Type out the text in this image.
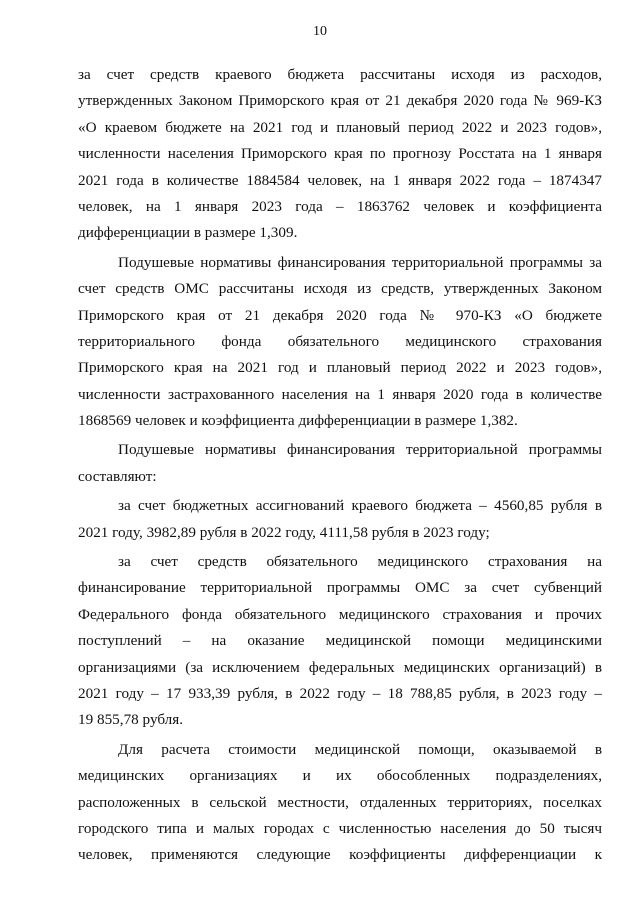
10
за счет средств краевого бюджета рассчитаны исходя из расходов,
утвержденных Законом Приморского края от 21 декабря 2020 года № 969-КЗ
«О краевом бюджете на 2021 год и плановый период 2022 и 2023 годов»,
численности населения Приморского края по прогнозу Росстата на 1 января
2021 года в количестве 1884584 человек, на 1 января 2022 года – 1874347
человек, на 1 января 2023 года – 1863762 человек и коэффициента
дифференциации в размере 1,309.
Подушевые нормативы финансирования территориальной программы за
счет средств ОМС рассчитаны исходя из средств, утвержденных Законом
Приморского края от 21 декабря 2020 года № 970-КЗ «О бюджете
территориального фонда обязательного медицинского страхования
Приморского края на 2021 год и плановый период 2022 и 2023 годов»,
численности застрахованного населения на 1 января 2020 года в количестве
1868569 человек и коэффициента дифференциации в размере 1,382.
Подушевые нормативы финансирования территориальной программы
составляют:
за счет бюджетных ассигнований краевого бюджета – 4560,85 рубля в
2021 году, 3982,89 рубля в 2022 году, 4111,58 рубля в 2023 году;
за счет средств обязательного медицинского страхования на
финансирование территориальной программы ОМС за счет субвенций
Федерального фонда обязательного медицинского страхования и прочих
поступлений – на оказание медицинской помощи медицинскими
организациями (за исключением федеральных медицинских организаций) в
2021 году – 17 933,39 рубля, в 2022 году – 18 788,85 рубля, в 2023 году –
19 855,78 рубля.
Для расчета стоимости медицинской помощи, оказываемой в
медицинских организациях и их обособленных подразделениях,
расположенных в сельской местности, отдаленных территориях, поселках
городского типа и малых городах с численностью населения до 50 тысяч
человек, применяются следующие коэффициенты дифференциации к
